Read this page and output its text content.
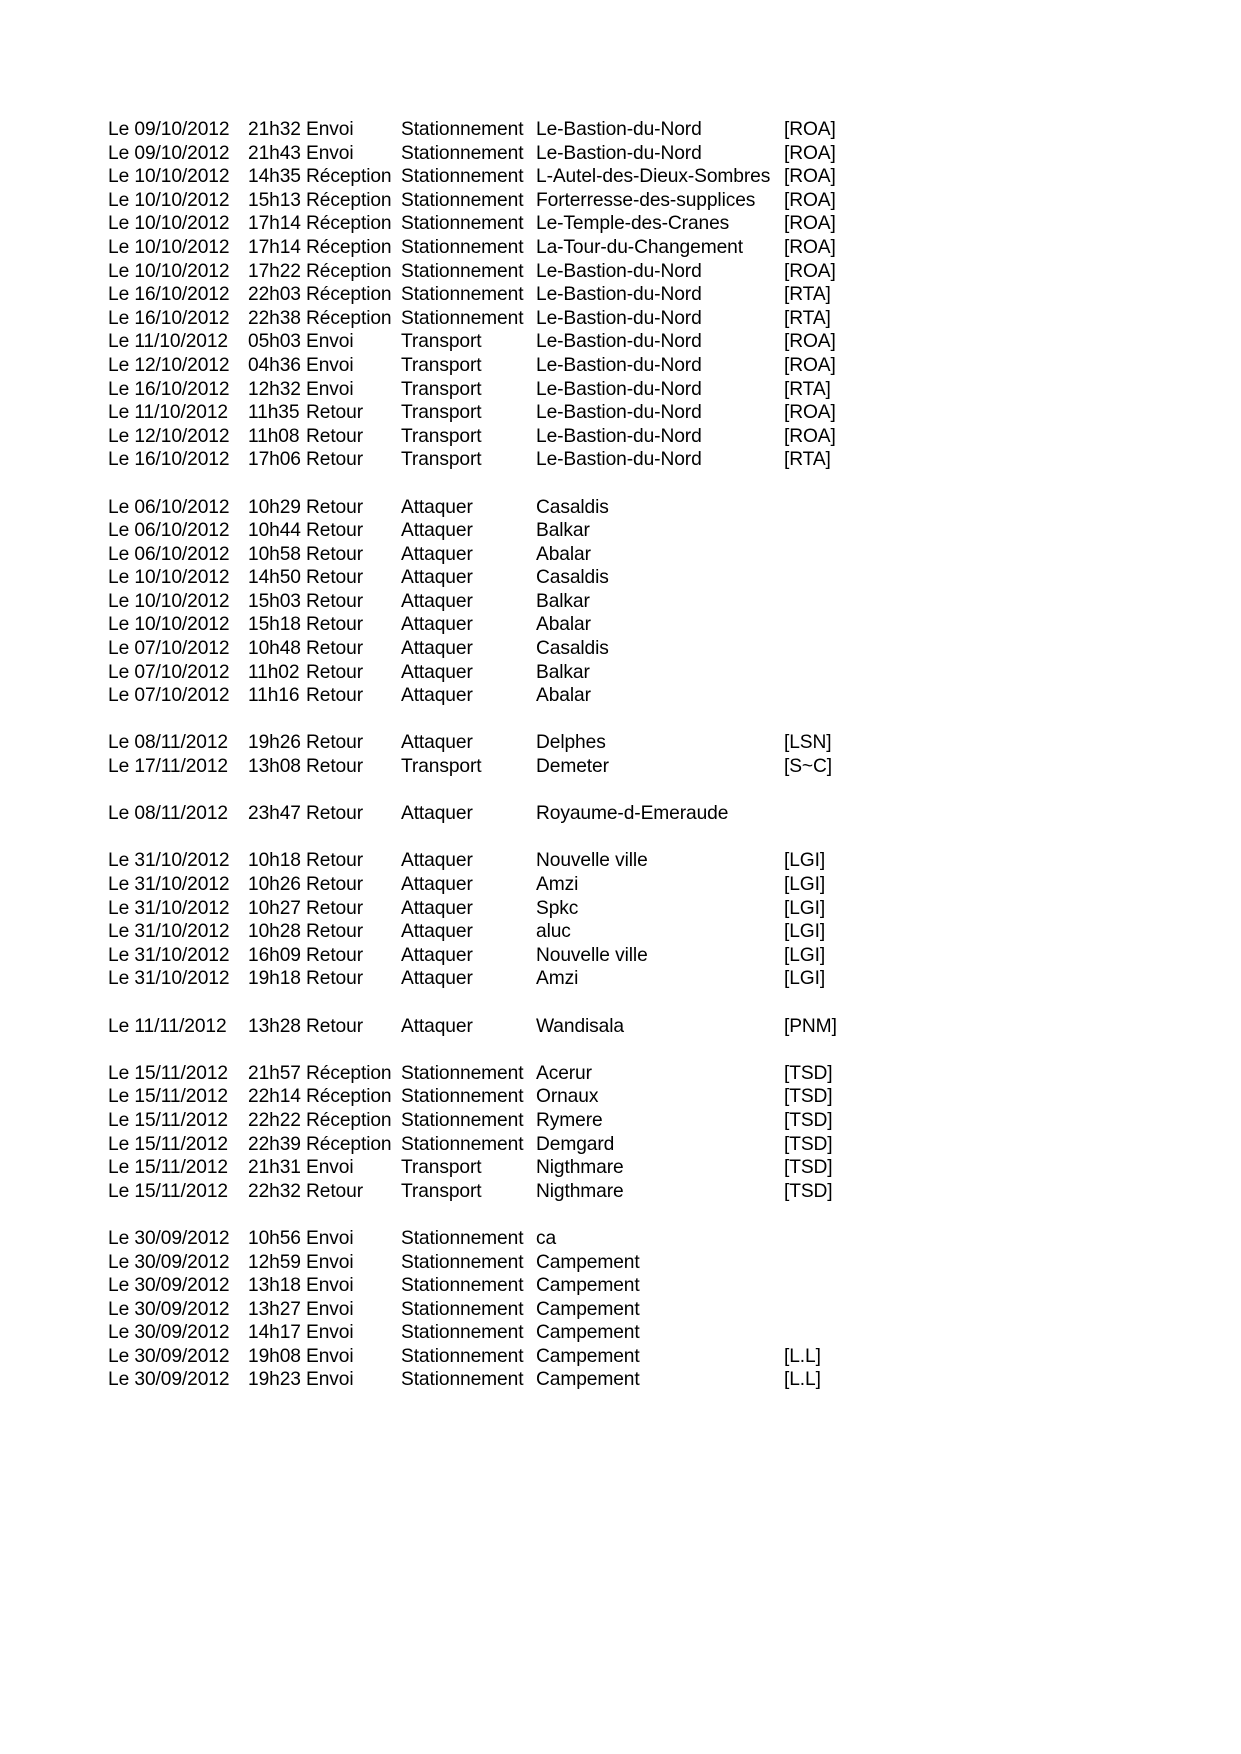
Le 09/10/2012 21h32 Envoi	Stationnement Le-Bastion-du-Nord	[ROA]
Le 09/10/2012 21h43 Envoi	Stationnement Le-Bastion-du-Nord	[ROA]
Le 10/10/2012 14h35 Réception Stationnement L-Autel-des-Dieux-Sombres [ROA]
Le 10/10/2012 15h13 Réception Stationnement Forterresse-des-supplices	[ROA]
Le 10/10/2012 17h14 Réception Stationnement Le-Temple-des-Cranes	[ROA]
Le 10/10/2012 17h14 Réception Stationnement La-Tour-du-Changement	[ROA]
Le 10/10/2012 17h22 Réception Stationnement Le-Bastion-du-Nord	[ROA]
Le 16/10/2012 22h03 Réception Stationnement Le-Bastion-du-Nord	[RTA]
Le 16/10/2012 22h38 Réception Stationnement Le-Bastion-du-Nord	[RTA]
Le 11/10/2012	05h03 Envoi	Transport	Le-Bastion-du-Nord	[ROA]
Le 12/10/2012 04h36 Envoi	Transport	Le-Bastion-du-Nord	[ROA]
Le 16/10/2012 12h32 Envoi	Transport	Le-Bastion-du-Nord	[RTA]
Le 11/10/2012	11h35 Retour	Transport	Le-Bastion-du-Nord	[ROA]
Le 12/10/2012 11h08 Retour	Transport	Le-Bastion-du-Nord	[ROA]
Le 16/10/2012 17h06 Retour	Transport	Le-Bastion-du-Nord	[RTA]
Le 06/10/2012 10h29 Retour	Attaquer	Casaldis
Le 06/10/2012 10h44 Retour	Attaquer	Balkar
Le 06/10/2012 10h58 Retour	Attaquer	Abalar
Le 10/10/2012 14h50 Retour	Attaquer	Casaldis
Le 10/10/2012 15h03 Retour	Attaquer	Balkar
Le 10/10/2012 15h18 Retour	Attaquer	Abalar
Le 07/10/2012 10h48 Retour	Attaquer	Casaldis
Le 07/10/2012 11h02 Retour	Attaquer	Balkar
Le 07/10/2012 11h16 Retour	Attaquer	Abalar
Le 08/11/2012	19h26 Retour	Attaquer	Delphes	[LSN]
Le 17/11/2012	13h08 Retour	Transport	Demeter	[S~C]
Le 08/11/2012	23h47 Retour	Attaquer	Royaume-d-Emeraude
Le 31/10/2012 10h18 Retour	Attaquer	Nouvelle ville	[LGI]
Le 31/10/2012 10h26 Retour	Attaquer	Amzi	[LGI]
Le 31/10/2012 10h27 Retour	Attaquer	Spkc	[LGI]
Le 31/10/2012 10h28 Retour	Attaquer	aluc	[LGI]
Le 31/10/2012 16h09 Retour	Attaquer	Nouvelle ville	[LGI]
Le 31/10/2012 19h18 Retour	Attaquer	Amzi	[LGI]
Le 11/11/2012	13h28 Retour	Attaquer	Wandisala	[PNM]
Le 15/11/2012	21h57 Réception Stationnement Acerur	[TSD]
Le 15/11/2012	22h14 Réception Stationnement Ornaux	[TSD]
Le 15/11/2012	22h22 Réception Stationnement Rymere	[TSD]
Le 15/11/2012	22h39 Réception Stationnement Demgard	[TSD]
Le 15/11/2012	21h31 Envoi	Transport	Nigthmare	[TSD]
Le 15/11/2012	22h32 Retour	Transport	Nigthmare	[TSD]
Le 30/09/2012 10h56 Envoi	Stationnement ca
Le 30/09/2012 12h59 Envoi	Stationnement Campement
Le 30/09/2012 13h18 Envoi	Stationnement Campement
Le 30/09/2012 13h27 Envoi	Stationnement Campement
Le 30/09/2012 14h17 Envoi	Stationnement Campement
Le 30/09/2012 19h08 Envoi	Stationnement Campement	[L.L]
Le 30/09/2012 19h23 Envoi	Stationnement Campement	[L.L]
